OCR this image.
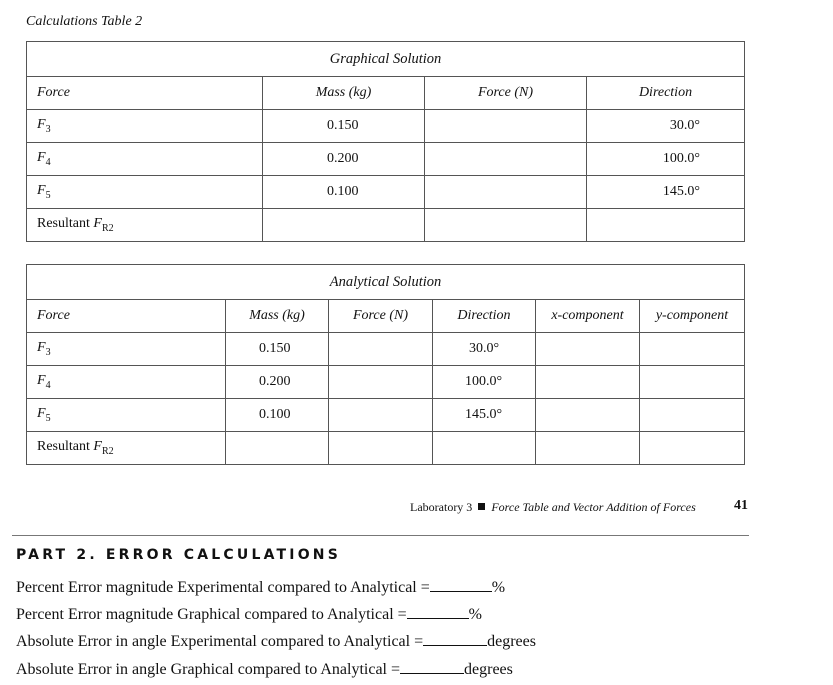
Calculations Table 2
Graphical Solution			
Force	Mass (kg)	Force (N)	Direction
$F_3$	0.150		30.0°
$F_4$	0.200		100.0°
$F_5$	0.100		145.0°
Resultant $F_{R2}$			
Analytical Solution					
Force	Mass (kg)	Force (N)	Direction	x-component	y-component
$F_3$	0.150		30.0°		
$F_4$	0.200		100.0°		
$F_5$	0.100		145.0°		
Resultant $F_{R2}$					
Laboratory 3 Force Table and Vector Addition of Forces	41
PART 2. ERROR CALCULATIONS
Percent Error magnitude Experimental compared to Analytical =	%
Percent Error magnitude Graphical compared to Analytical =	%
Absolute Error in angle Experimental compared to Analytical =	degrees
Absolute Error in angle Graphical compared to Analytical =	degrees
